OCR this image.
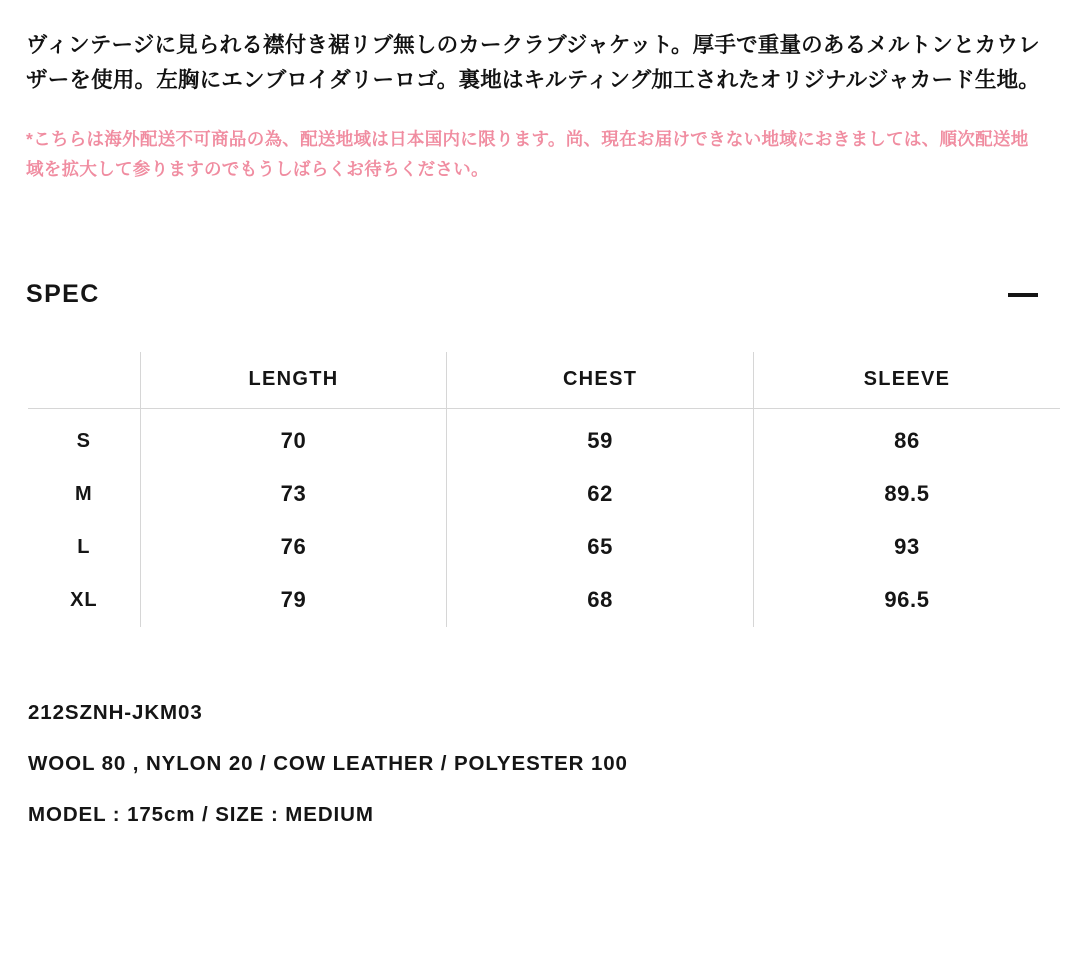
ヴィンテージに見られる襟付き裾リブ無しのカークラブジャケット。厚手で重量のあるメルトンとカウレザーを使用。左胸にエンブロイダリーロゴ。裏地はキルティング加工されたオリジナルジャカード生地。

*こちらは海外配送不可商品の為、配送地域は日本国内に限ります。尚、現在お届けできない地域におきましては、順次配送地域を拡大して参りますのでもうしばらくお待ちください。

SPEC
	LENGTH	CHEST	SLEEVE
S	70	59	86
M	73	62	89.5
L	76	65	93
XL	79	68	96.5
212SZNH-JKM03
WOOL 80 , NYLON 20 / COW LEATHER / POLYESTER 100
MODEL : 175cm / SIZE : MEDIUM
